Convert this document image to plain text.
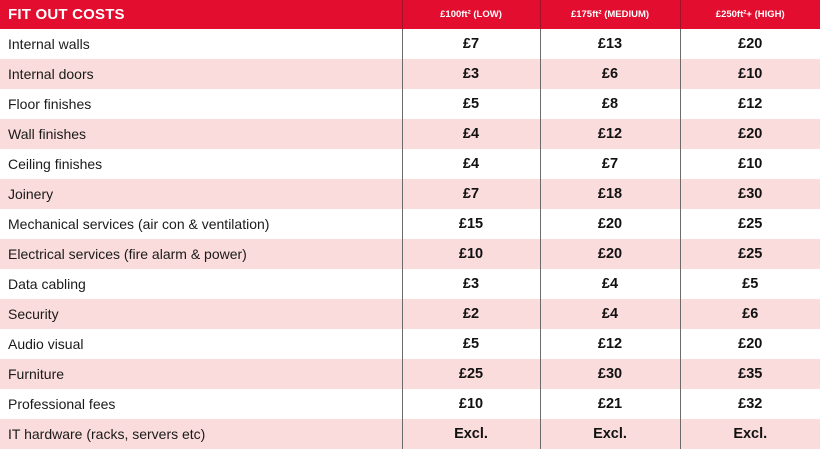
FIT OUT COSTS	£100ft² (LOW)	£175ft² (MEDIUM)	£250ft²+ (HIGH)
Internal walls	£7	£13	£20
Internal doors	£3	£6	£10
Floor finishes	£5	£8	£12
Wall finishes	£4	£12	£20
Ceiling finishes	£4	£7	£10
Joinery	£7	£18	£30
Mechanical services (air con & ventilation)	£15	£20	£25
Electrical services (fire alarm & power)	£10	£20	£25
Data cabling	£3	£4	£5
Security	£2	£4	£6
Audio visual	£5	£12	£20
Furniture	£25	£30	£35
Professional fees	£10	£21	£32
IT hardware (racks, servers etc)	Excl.	Excl.	Excl.
